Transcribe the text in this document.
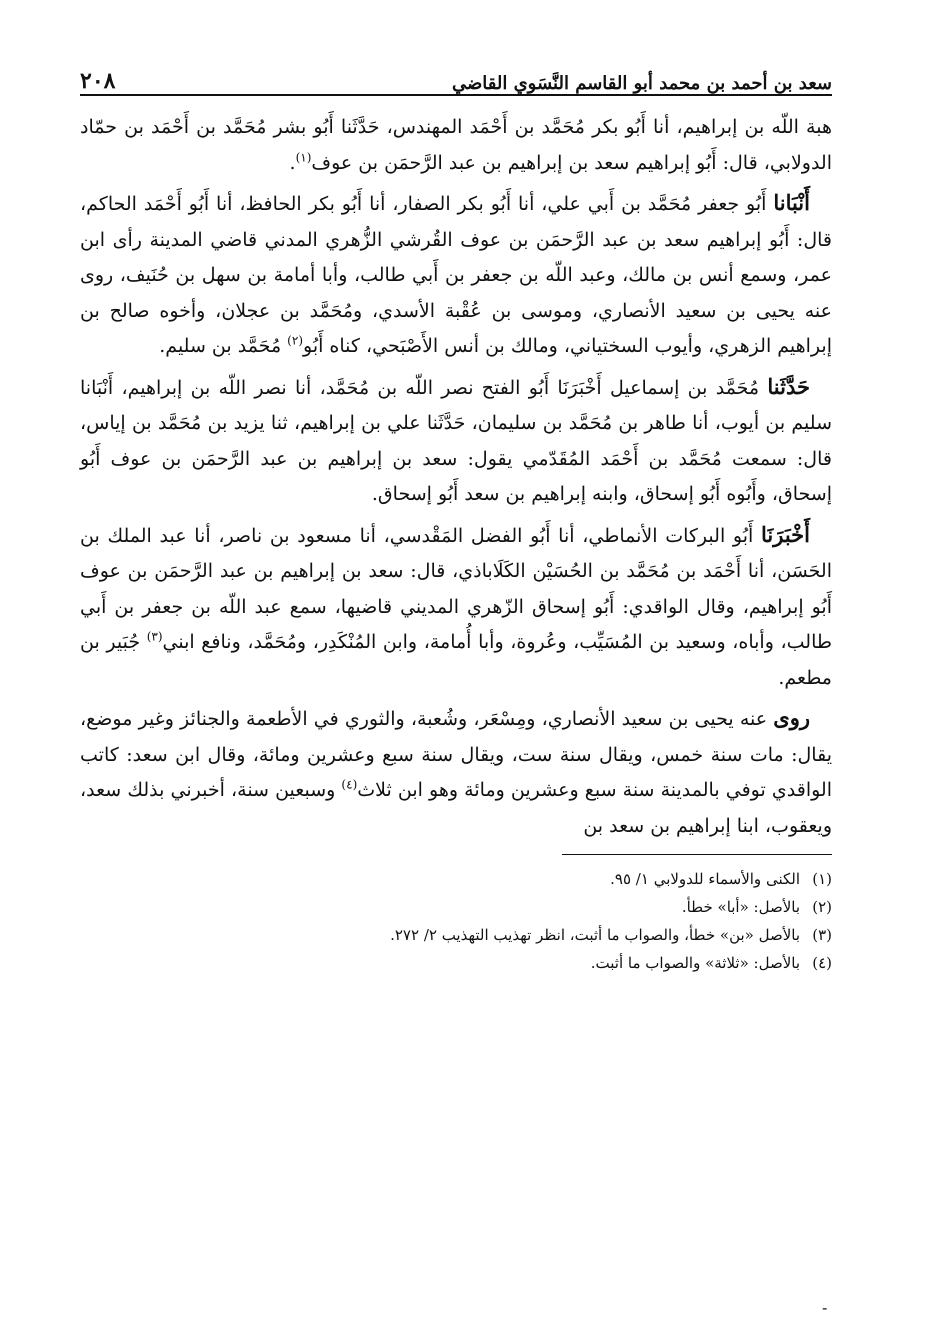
سعد بن أحمد بن محمد أبو القاسم النَّسَوي القاضي
٢٠٨

هبة اللّه بن إبراهيم، أنا أَبُو بكر مُحَمَّد بن أَحْمَد المهندس، حَدَّثَنا أَبُو بشر مُحَمَّد بن أَحْمَد بن حمّاد الدولابي، قال: أَبُو إبراهيم سعد بن إبراهيم بن عبد الرَّحمَن بن عوف$^{(١)}$.

أَنْبَانا أَبُو جعفر مُحَمَّد بن أَبي علي، أنا أَبُو بكر الصفار، أنا أَبُو بكر الحافظ، أنا أَبُو أَحْمَد الحاكم، قال: أَبُو إبراهيم سعد بن عبد الرَّحمَن بن عوف القُرشي الزُّهري المدني قاضي المدينة رأى ابن عمر، وسمع أنس بن مالك، وعبد اللّه بن جعفر بن أَبي طالب، وأبا أمامة بن سهل بن حُنَيف، روى عنه يحيى بن سعيد الأنصاري، وموسى بن عُقْبة الأسدي، ومُحَمَّد بن عجلان، وأخوه صالح بن إبراهيم الزهري، وأيوب السختياني، ومالك بن أنس الأَصْبَحي، كناه أَبُو$^{(٢)}$ مُحَمَّد بن سليم.

حَدَّثَنا مُحَمَّد بن إسماعيل أَخْبَرَنَا أَبُو الفتح نصر اللّه بن مُحَمَّد، أنا نصر اللّه بن إبراهيم، أَنْبَانا سليم بن أيوب، أنا طاهر بن مُحَمَّد بن سليمان، حَدَّثَنا علي بن إبراهيم، ثنا يزيد بن مُحَمَّد بن إياس، قال: سمعت مُحَمَّد بن أَحْمَد المُقَدّمي يقول: سعد بن إبراهيم بن عبد الرَّحمَن بن عوف أَبُو إسحاق، وأَبُوه أَبُو إسحاق، وابنه إبراهيم بن سعد أَبُو إسحاق.

أَخْبَرَنَا أَبُو البركات الأنماطي، أنا أَبُو الفضل المَقْدسي، أنا مسعود بن ناصر، أنا عبد الملك بن الحَسَن، أنا أَحْمَد بن مُحَمَّد بن الحُسَيْن الكَلَاباذي، قال: سعد بن إبراهيم بن عبد الرَّحمَن بن عوف أَبُو إبراهيم، وقال الواقدي: أَبُو إسحاق الزّهري المديني قاضيها، سمع عبد اللّه بن جعفر بن أَبي طالب، وأباه، وسعيد بن المُسَيِّب، وعُروة، وأبا أُمامة، وابن المُنْكَدِر، ومُحَمَّد، ونافع ابني$^{(٣)}$ جُبَير بن مطعم.

روى عنه يحيى بن سعيد الأنصاري، ومِسْعَر، وشُعبة، والثوري في الأطعمة والجنائز وغير موضع، يقال: مات سنة خمس، ويقال سنة ست، ويقال سنة سبع وعشرين ومائة، وقال ابن سعد: كاتب الواقدي توفي بالمدينة سنة سبع وعشرين ومائة وهو ابن ثلاث$^{(٤)}$ وسبعين سنة، أخبرني بذلك سعد، ويعقوب، ابنا إبراهيم بن سعد بن

(١)
الكنى والأسماء للدولابي ١/ ٩٥.
(٢)
بالأصل: «أبا» خطأ.
(٣)
بالأصل «بن» خطأ، والصواب ما أثبت، انظر تهذيب التهذيب ٢/ ٢٧٢.
(٤)
بالأصل: «ثلاثة» والصواب ما أثبت.
-
